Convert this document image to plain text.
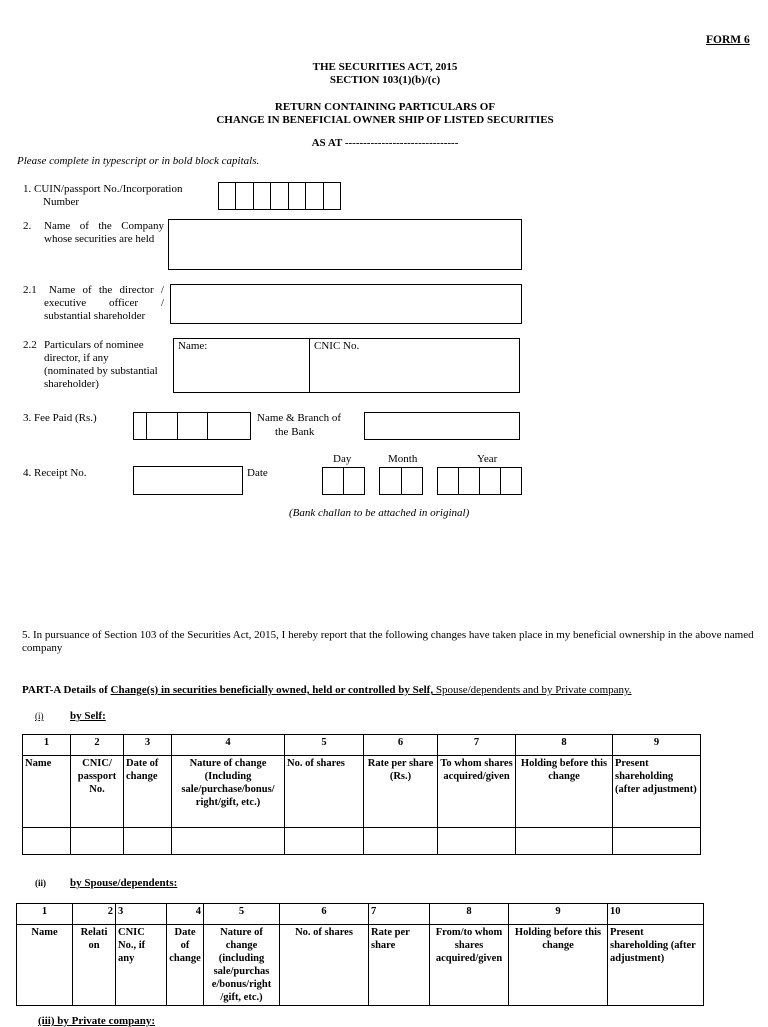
FORM 6
THE SECURITIES ACT, 2015
SECTION 103(1)(b)/(c)
RETURN CONTAINING PARTICULARS OF
CHANGE IN BENEFICIAL OWNER SHIP OF LISTED SECURITIES
AS AT -------------------------------
Please complete in typescript or in bold block capitals.
1. CUIN/passport No./Incorporation
Number
2. Name of the Company
whose securities are held
2.1 Name of the director /
executive officer /
substantial shareholder
2.2 Particulars of nominee
director, if any
(nominated by substantial
shareholder)
Name:	CNIC No.
3. Fee Paid (Rs.)	Name & Branch of
the Bank
4. Receipt No.	Date
Day	Month	Year
(Bank challan to be attached in original)
5. In pursuance of Section 103 of the Securities Act, 2015, I hereby report that the following changes have taken place in my beneficial ownership in the above named company
PART-A Details of Change(s) in securities beneficially owned, held or controlled by Self, Spouse/dependents and by Private company.
(i) by Self:
1	2	3	4	5	6	7	8	9
Name	CNIC/ passport No.	Date of change	Nature of change (Including sale/purchase/bonus/ right/gift, etc.)	No. of shares	Rate per share (Rs.)	To whom shares acquired/given	Holding before this change	Present shareholding (after adjustment)

(ii) by Spouse/dependents:
1	2	3	4	5	6	7	8	9	10
Name	Relati on	CNIC No., if any	Date of change	Nature of change (including sale/purchas e/bonus/right /gift, etc.)	No. of shares	Rate per share	From/to whom shares acquired/given	Holding before this change	Present shareholding (after adjustment)
(iii) by Private company:
